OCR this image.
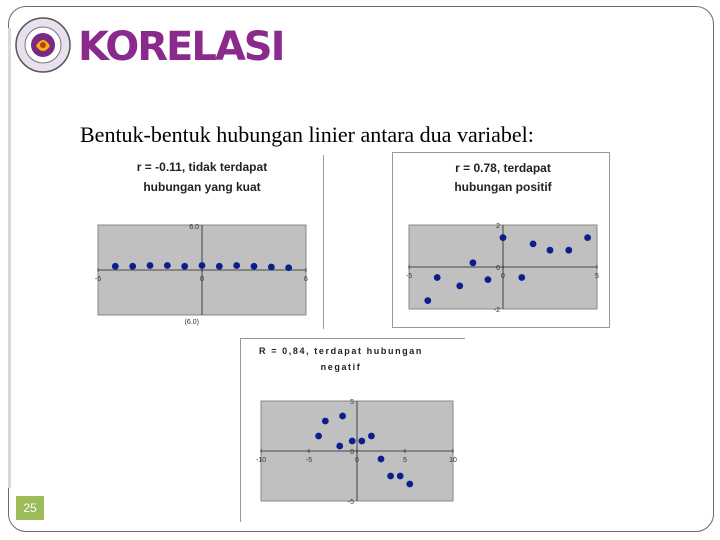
KORELASI
Bentuk-bentuk hubungan linier antara dua variabel:
r = -0.11, tidak terdapat
hubungan yang kuat
-6	0	6
6.0
(6.0)
r = 0.78, terdapat
hubungan positif
-5	0	5
2
0
-2
R = 0,84, terdapat hubungan
negatif
-10	-5	0	5	10
5
0
-5
25
